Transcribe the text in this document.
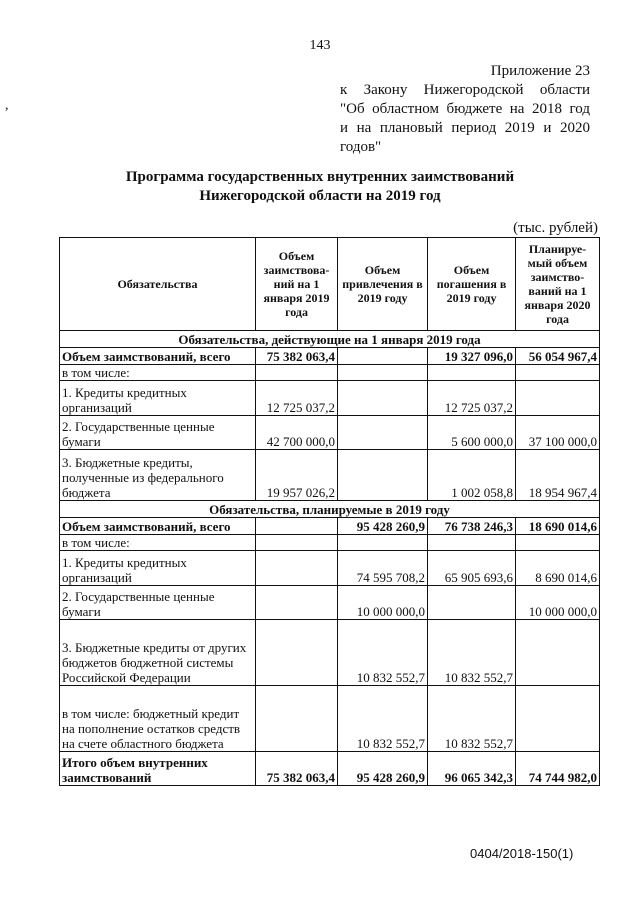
,
143
Приложение 23
к Закону Нижегородской области
"Об областном бюджете на 2018 год
и на плановый период 2019 и 2020
годов"
Программа государственных внутренних заимствований
Нижегородской области на 2019 год
(тыс. рублей)
Обязательства	Объем заимствова-ний на 1 января 2019 года	Объем привлечения в 2019 году	Объем погашения в 2019 году	Планируе-мый объем заимство-ваний на 1 января 2020 года
Обязательства, действующие на 1 января 2019 года				
Объем заимствований, всего	75 382 063,4		19 327 096,0	56 054 967,4
в том числе:				
1. Кредиты кредитных организаций	12 725 037,2		12 725 037,2	
2. Государственные ценные бумаги	42 700 000,0		5 600 000,0	37 100 000,0
3. Бюджетные кредиты, полученные из федерального бюджета	19 957 026,2		1 002 058,8	18 954 967,4
Обязательства, планируемые в 2019 году				
Объем заимствований, всего		95 428 260,9	76 738 246,3	18 690 014,6
в том числе:				
1. Кредиты кредитных организаций		74 595 708,2	65 905 693,6	8 690 014,6
2. Государственные ценные бумаги		10 000 000,0		10 000 000,0
3. Бюджетные кредиты от других бюджетов бюджетной системы Российской Федерации		10 832 552,7	10 832 552,7	
в том числе: бюджетный кредит на пополнение остатков средств на счете областного бюджета		10 832 552,7	10 832 552,7	
Итого объем внутренних заимствований	75 382 063,4	95 428 260,9	96 065 342,3	74 744 982,0
0404/2018-150(1)
